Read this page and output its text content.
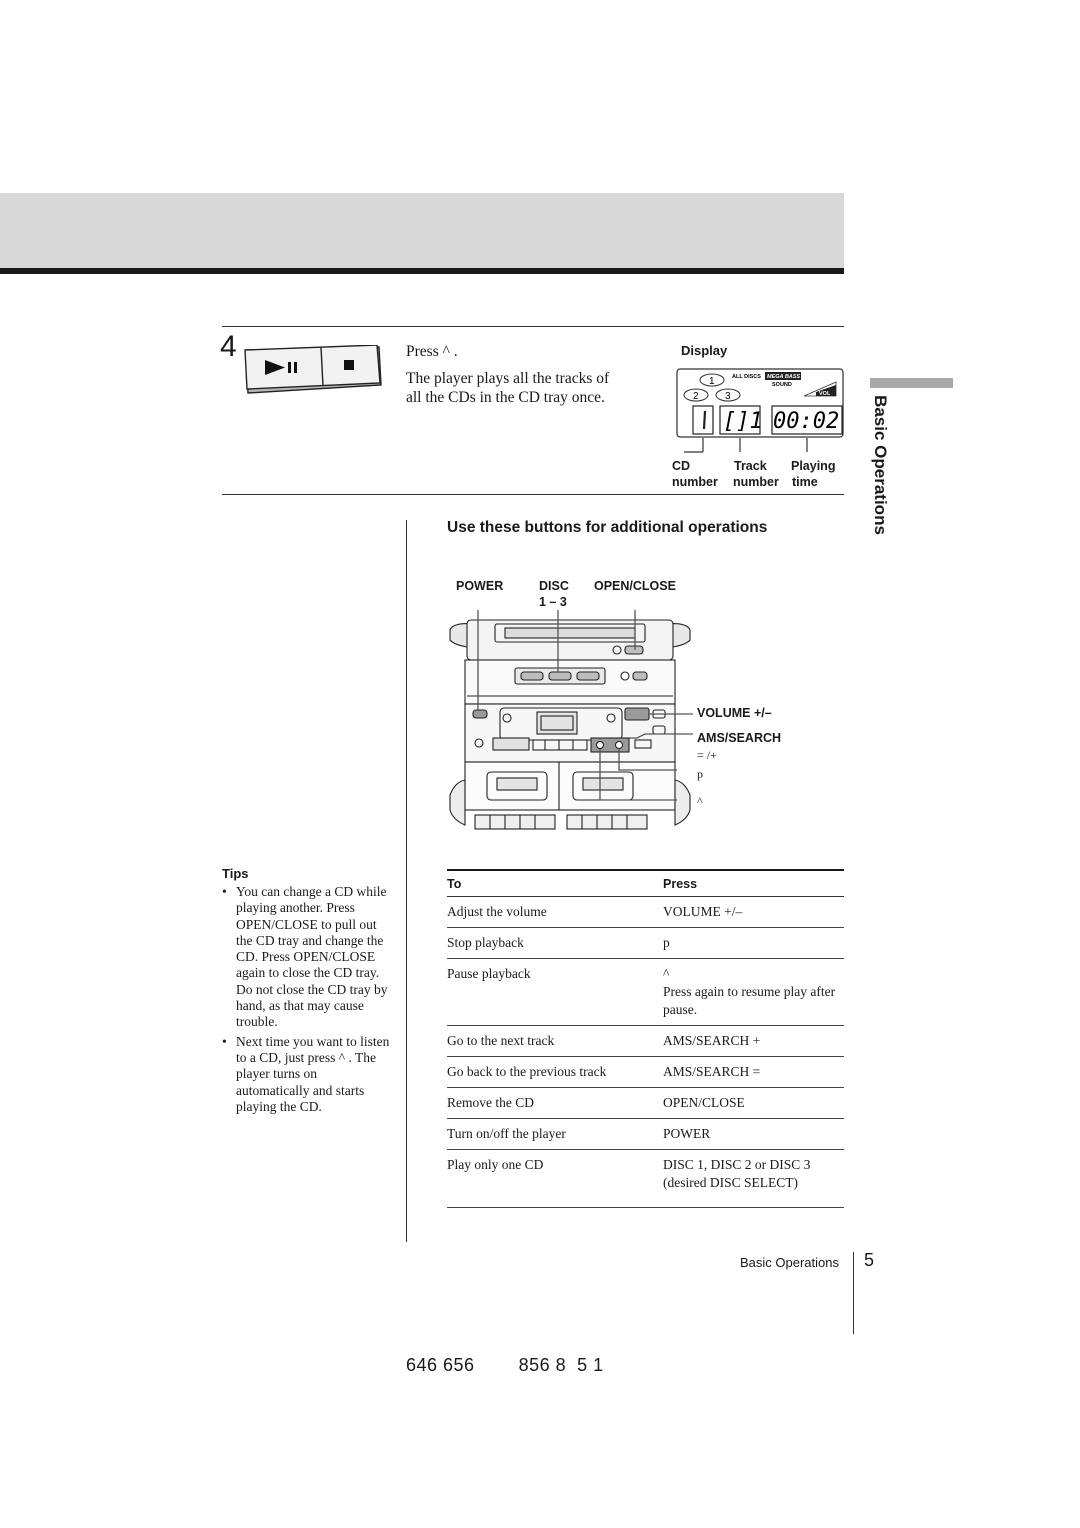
4	Press ^ .
The player plays all the tracks of
all the CDs in the CD tray once.
Display
1
2	3
ALL DISCS MEGA BASS
SOUND
VOL
[]1 00:02
CD	Track Playing
number number time	Basic Operations
Use these buttons for additional operations
POWER	DISC
1 – 3
OPEN/CLOSE
VOLUME +/–
AMS/SEARCH
= /+
p
^
Tips
• You can change a CD while playing another. Press OPEN/CLOSE to pull out the CD tray and change the CD. Press OPEN/CLOSE again to close the CD tray. Do not close the CD tray by hand, as that may cause trouble.
• Next time you want to listen to a CD, just press ^ . The player turns on automatically and starts playing the CD.
To	Press
Adjust the volume	VOLUME +/–
Stop playback	p
Pause playback	^
Press again to resume play after pause.
Go to the next track	AMS/SEARCH +
Go back to the previous track	AMS/SEARCH =
Remove the CD	OPEN/CLOSE
Turn on/off the player	POWER
Play only one CD	DISC 1, DISC 2 or DISC 3 (desired DISC SELECT)
Basic Operations 5
646 656        856 8  5 1
